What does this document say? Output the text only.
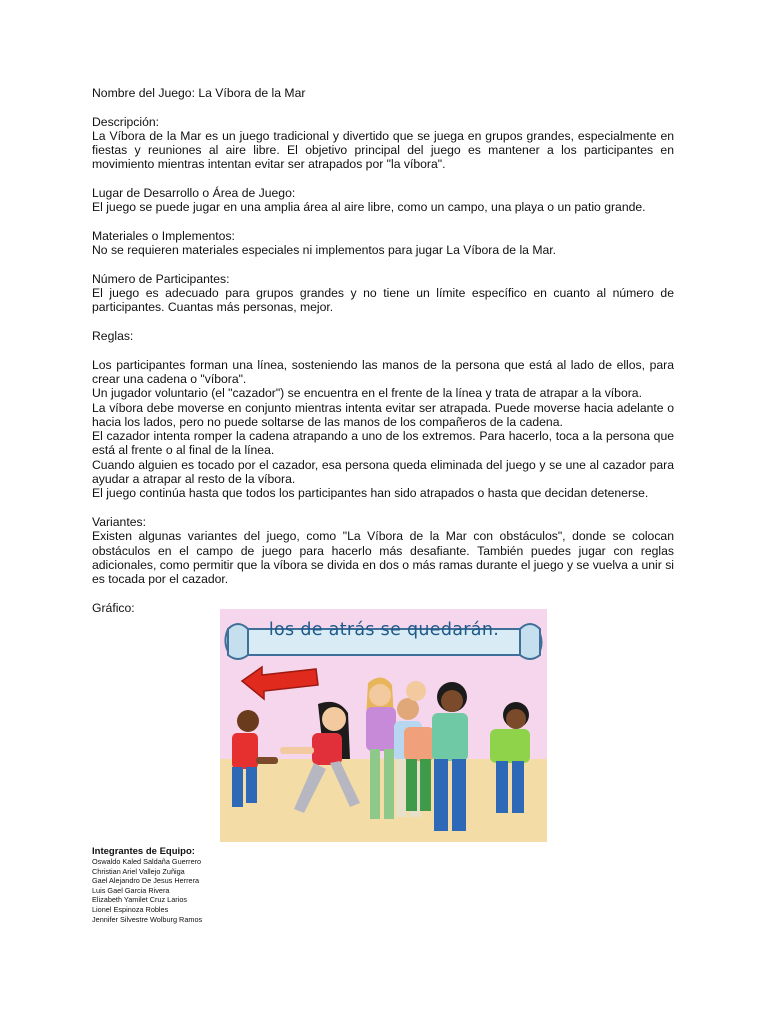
Nombre del Juego: La Víbora de la Mar

Descripción:

La Víbora de la Mar es un juego tradicional y divertido que se juega en grupos grandes, especialmente en fiestas y reuniones al aire libre. El objetivo principal del juego es mantener a los participantes en movimiento mientras intentan evitar ser atrapados por "la víbora".

Lugar de Desarrollo o Área de Juego:

El juego se puede jugar en una amplia área al aire libre, como un campo, una playa o un patio grande.

Materiales o Implementos:

No se requieren materiales especiales ni implementos para jugar La Víbora de la Mar.

Número de Participantes:

El juego es adecuado para grupos grandes y no tiene un límite específico en cuanto al número de participantes. Cuantas más personas, mejor.

Reglas:

Los participantes forman una línea, sosteniendo las manos de la persona que está al lado de ellos, para crear una cadena o "víbora".

Un jugador voluntario (el "cazador") se encuentra en el frente de la línea y trata de atrapar a la víbora.

La víbora debe moverse en conjunto mientras intenta evitar ser atrapada. Puede moverse hacia adelante o hacia los lados, pero no puede soltarse de las manos de los compañeros de la cadena.

El cazador intenta romper la cadena atrapando a uno de los extremos. Para hacerlo, toca a la persona que está al frente o al final de la línea.

Cuando alguien es tocado por el cazador, esa persona queda eliminada del juego y se une al cazador para ayudar a atrapar al resto de la víbora.

El juego continúa hasta que todos los participantes han sido atrapados o hasta que decidan detenerse.

Variantes:

Existen algunas variantes del juego, como "La Víbora de la Mar con obstáculos", donde se colocan obstáculos en el campo de juego para hacerlo más desafiante. También puedes jugar con reglas adicionales, como permitir que la víbora se divida en dos o más ramas durante el juego y se vuelva a unir si es tocada por el cazador.

Gráfico:

los de atrás se quedarán.

Integrantes de Equipo:

Oswaldo Kaled Saldaña Guerrero
Christian Ariel Vallejo Zuñiga
Gael Alejandro De Jesus Herrera
Luis Gael Garcia Rivera
Elizabeth Yamilet Cruz Larios
Lionel Espinoza Robles
Jennifer Silvestre Wolburg Ramos
